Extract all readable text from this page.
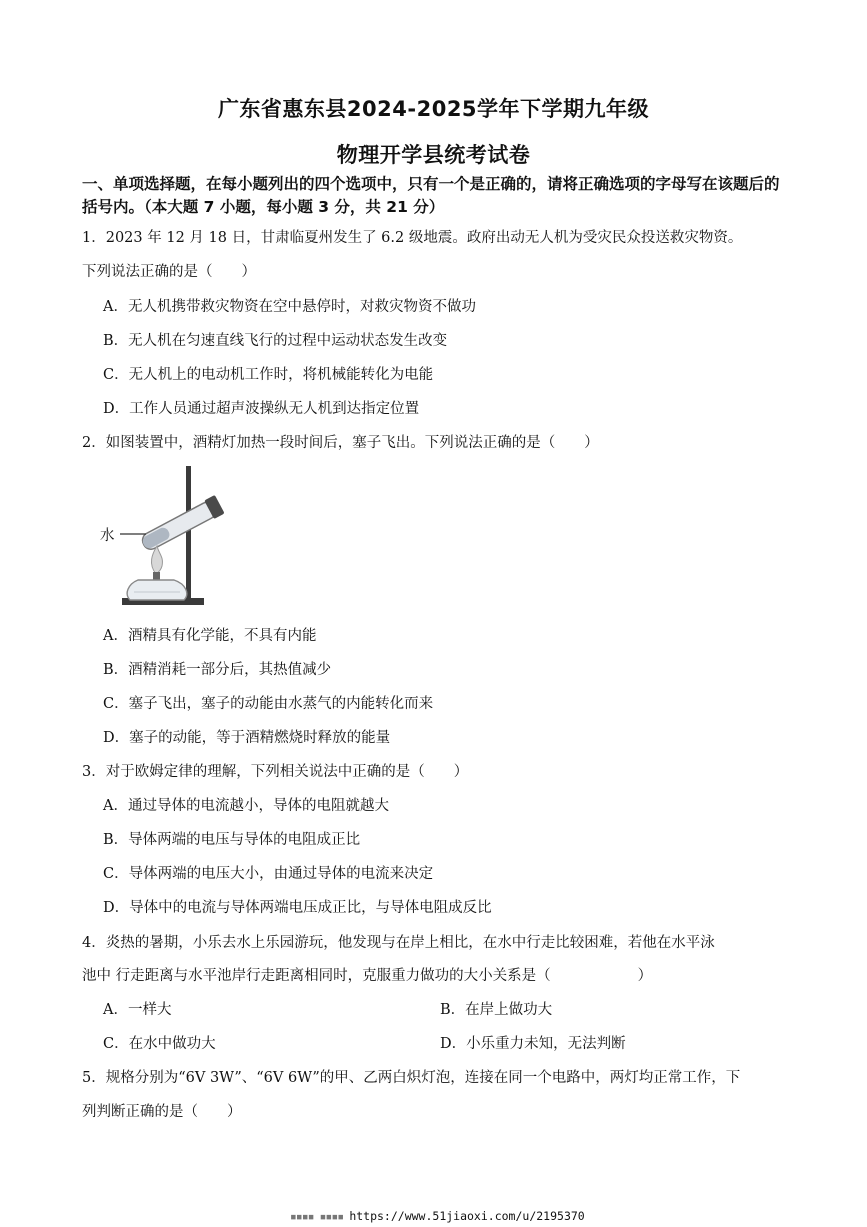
广东省惠东县2024-2025学年下学期九年级
物理开学县统考试卷
一、单项选择题，在每小题列出的四个选项中，只有一个是正确的，请将正确选项的字母写在该题后的括号内。（本大题 7 小题，每小题 3 分，共 21 分）
1．2023 年 12 月 18 日，甘肃临夏州发生了 6.2 级地震。政府出动无人机为受灾民众投送救灾物资。
下列说法正确的是（　　）
A．无人机携带救灾物资在空中悬停时，对救灾物资不做功
B．无人机在匀速直线飞行的过程中运动状态发生改变
C．无人机上的电动机工作时，将机械能转化为电能
D．工作人员通过超声波操纵无人机到达指定位置
2．如图装置中，酒精灯加热一段时间后，塞子飞出。下列说法正确的是（　　）
水
A．酒精具有化学能，不具有内能
B．酒精消耗一部分后，其热值减少
C．塞子飞出，塞子的动能由水蒸气的内能转化而来
D．塞子的动能，等于酒精燃烧时释放的能量
3．对于欧姆定律的理解，下列相关说法中正确的是（　　）
A．通过导体的电流越小，导体的电阻就越大
B．导体两端的电压与导体的电阻成正比
C．导体两端的电压大小，由通过导体的电流来决定
D．导体中的电流与导体两端电压成正比，与导体电阻成反比
4．炎热的暑期，小乐去水上乐园游玩，他发现与在岸上相比，在水中行走比较困难，若他在水平泳
池中 行走距离与水平池岸行走距离相同时，克服重力做功的大小关系是（　　　　　　）
A．一样大	B．在岸上做功大
C．在水中做功大	D．小乐重力未知，无法判断
5．规格分别为“6V 3W”、“6V 6W”的甲、乙两白炽灯泡，连接在同一个电路中，两灯均正常工作，下
列判断正确的是（　　）
▪▪▪▪ ▪▪▪▪ https://www.51jiaoxi.com/u/2195370
